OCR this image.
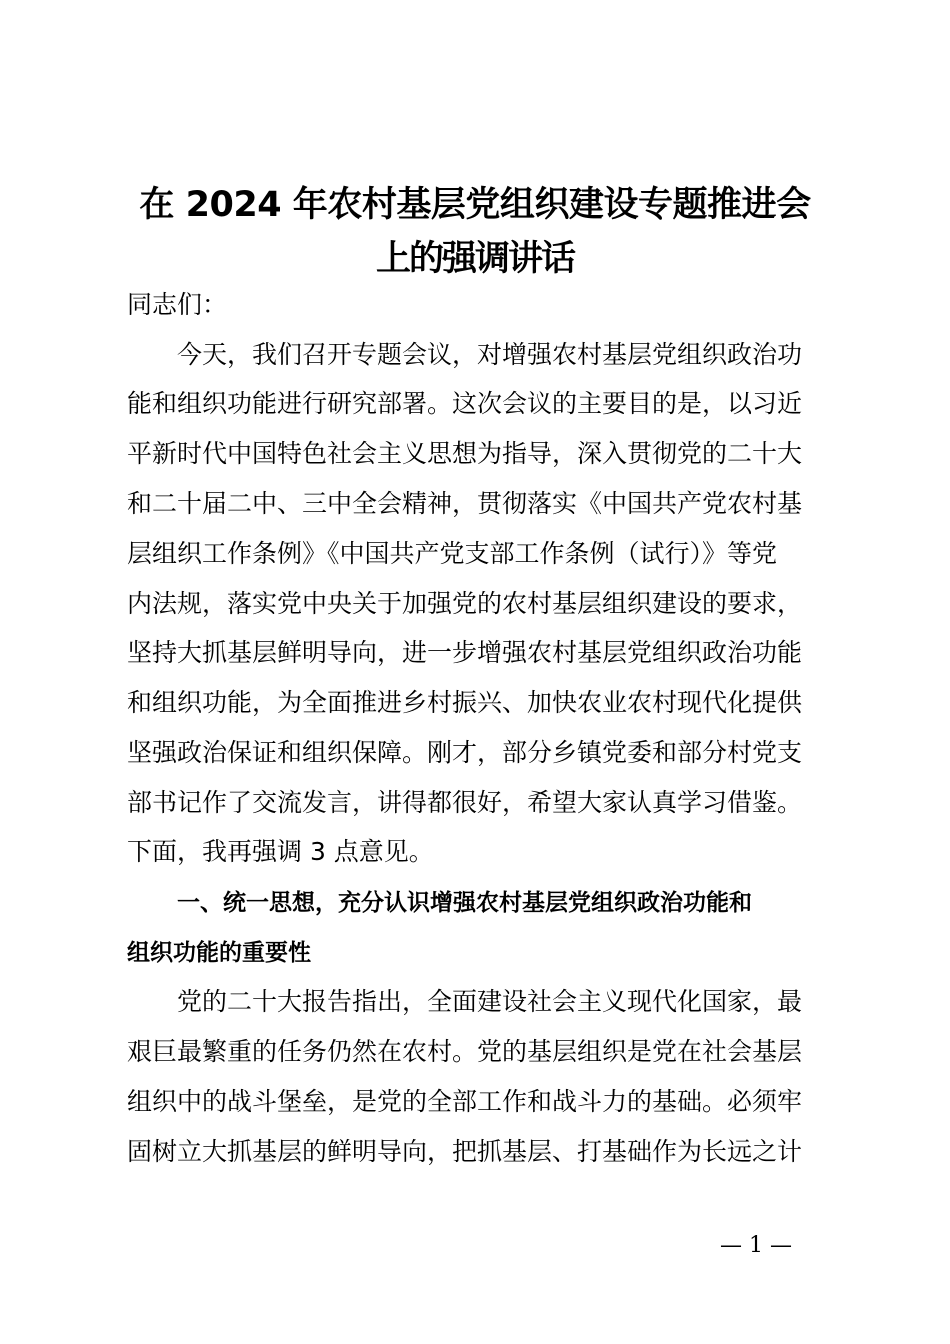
在 2024 年农村基层党组织建设专题推进会
上的强调讲话

同志们：

今天，我们召开专题会议，对增强农村基层党组织政治功

能和组织功能进行研究部署。这次会议的主要目的是，以习近

平新时代中国特色社会主义思想为指导，深入贯彻党的二十大

和二十届二中、三中全会精神，贯彻落实《中国共产党农村基

层组织工作条例》《中国共产党支部工作条例（试行）》等党

内法规，落实党中央关于加强党的农村基层组织建设的要求，

坚持大抓基层鲜明导向，进一步增强农村基层党组织政治功能

和组织功能，为全面推进乡村振兴、加快农业农村现代化提供

坚强政治保证和组织保障。刚才，部分乡镇党委和部分村党支

部书记作了交流发言，讲得都很好，希望大家认真学习借鉴。

下面，我再强调 3 点意见。

一、统一思想，充分认识增强农村基层党组织政治功能和

组织功能的重要性

党的二十大报告指出，全面建设社会主义现代化国家，最

艰巨最繁重的任务仍然在农村。党的基层组织是党在社会基层

组织中的战斗堡垒，是党的全部工作和战斗力的基础。必须牢

固树立大抓基层的鲜明导向，把抓基层、打基础作为长远之计

— 1 —
